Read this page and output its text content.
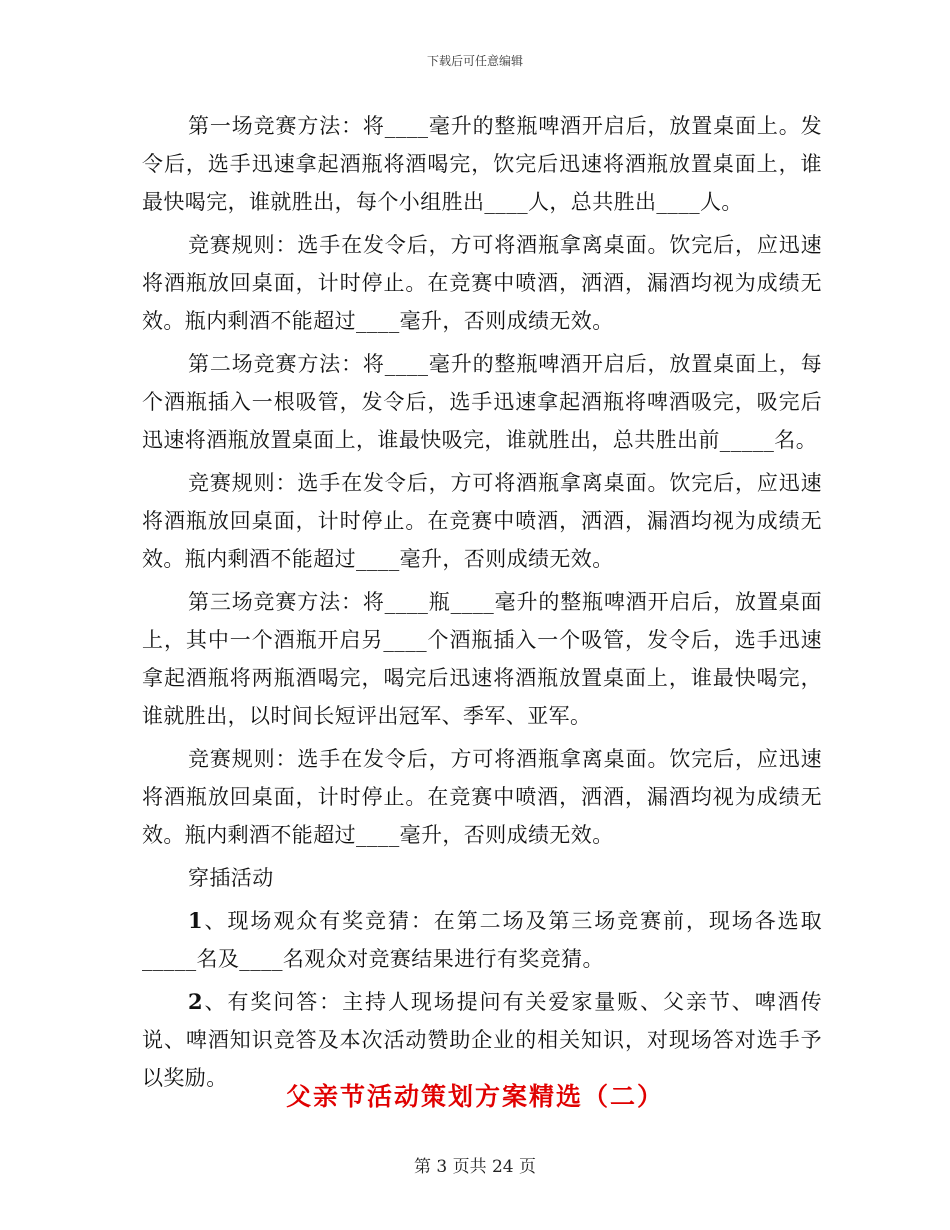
下载后可任意编辑

第一场竞赛方法：将____毫升的整瓶啤酒开启后，放置桌面上。发令后，选手迅速拿起酒瓶将酒喝完，饮完后迅速将酒瓶放置桌面上，谁最快喝完，谁就胜出，每个小组胜出____人，总共胜出____人。

竞赛规则：选手在发令后，方可将酒瓶拿离桌面。饮完后，应迅速将酒瓶放回桌面，计时停止。在竞赛中喷酒，洒酒，漏酒均视为成绩无效。瓶内剩酒不能超过____毫升，否则成绩无效。

第二场竞赛方法：将____毫升的整瓶啤酒开启后，放置桌面上，每个酒瓶插入一根吸管，发令后，选手迅速拿起酒瓶将啤酒吸完，吸完后迅速将酒瓶放置桌面上，谁最快吸完，谁就胜出，总共胜出前_____名。

竞赛规则：选手在发令后，方可将酒瓶拿离桌面。饮完后，应迅速将酒瓶放回桌面，计时停止。在竞赛中喷酒，洒酒，漏酒均视为成绩无效。瓶内剩酒不能超过____毫升，否则成绩无效。

第三场竞赛方法：将____瓶____毫升的整瓶啤酒开启后，放置桌面上，其中一个酒瓶开启另____个酒瓶插入一个吸管，发令后，选手迅速拿起酒瓶将两瓶酒喝完，喝完后迅速将酒瓶放置桌面上，谁最快喝完，谁就胜出，以时间长短评出冠军、季军、亚军。

竞赛规则：选手在发令后，方可将酒瓶拿离桌面。饮完后，应迅速将酒瓶放回桌面，计时停止。在竞赛中喷酒，洒酒，漏酒均视为成绩无效。瓶内剩酒不能超过____毫升，否则成绩无效。

穿插活动

1、现场观众有奖竞猜：在第二场及第三场竞赛前，现场各选取_____名及____名观众对竞赛结果进行有奖竞猜。

2、有奖问答：主持人现场提问有关爱家量贩、父亲节、啤酒传说、啤酒知识竞答及本次活动赞助企业的相关知识，对现场答对选手予以奖励。

父亲节活动策划方案精选（二）
第 3 页共 24 页
